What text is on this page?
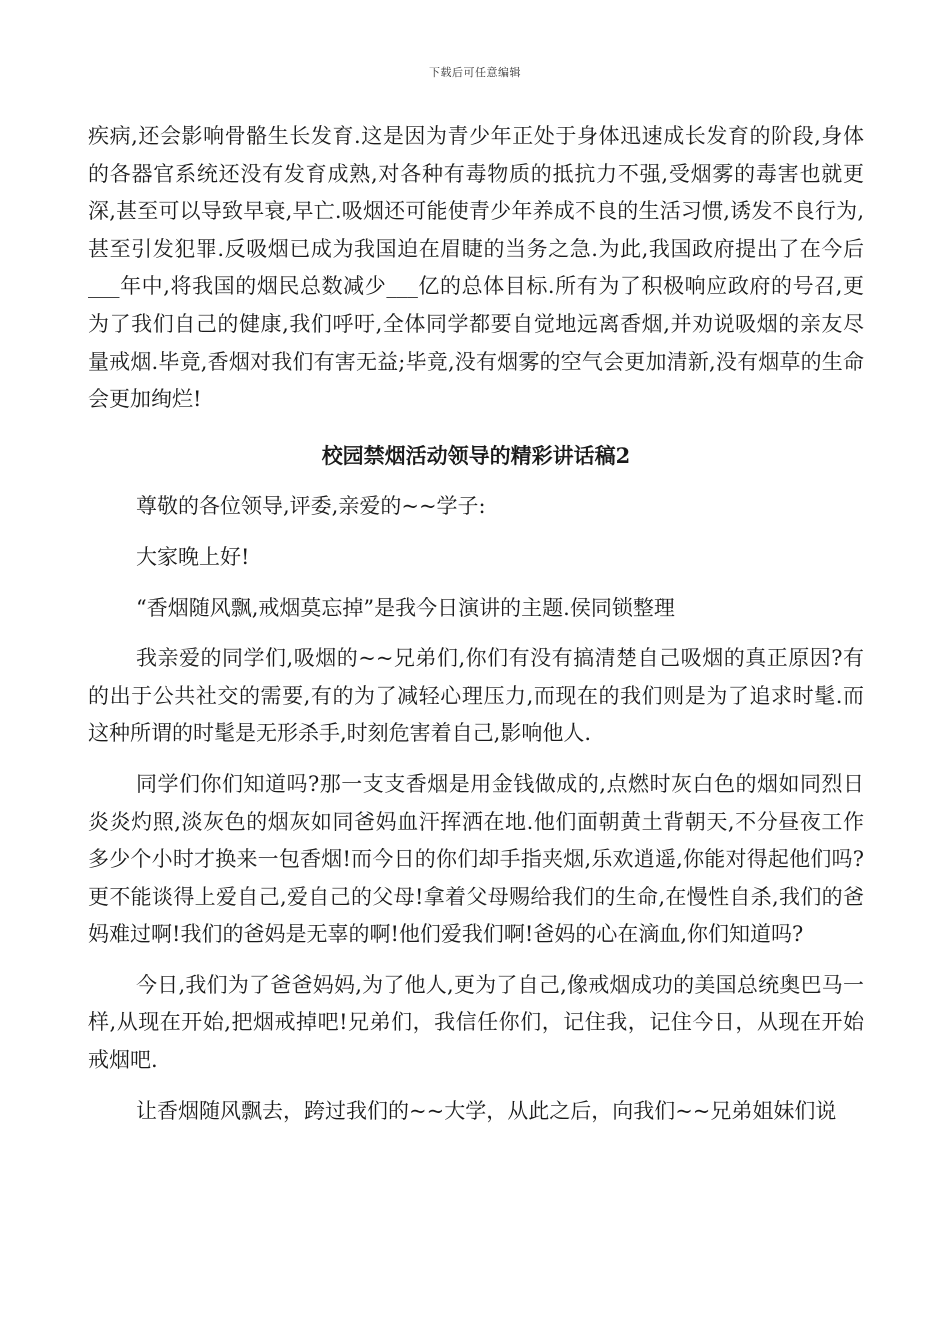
下载后可任意编辑

疾病,还会影响骨骼生长发育.这是因为青少年正处于身体迅速成长发育的阶段,身体的各器官系统还没有发育成熟,对各种有毒物质的抵抗力不强,受烟雾的毒害也就更深,甚至可以导致早衰,早亡.吸烟还可能使青少年养成不良的生活习惯,诱发不良行为,甚至引发犯罪.反吸烟已成为我国迫在眉睫的当务之急.为此,我国政府提出了在今后___年中,将我国的烟民总数减少___亿的总体目标.所有为了积极响应政府的号召,更为了我们自己的健康,我们呼吁,全体同学都要自觉地远离香烟,并劝说吸烟的亲友尽量戒烟.毕竟,香烟对我们有害无益;毕竟,没有烟雾的空气会更加清新,没有烟草的生命会更加绚烂!

校园禁烟活动领导的精彩讲话稿2

尊敬的各位领导,评委,亲爱的~~学子:

大家晚上好!

“香烟随风飘,戒烟莫忘掉”是我今日演讲的主题.侯同锁整理

我亲爱的同学们,吸烟的~~兄弟们,你们有没有搞清楚自己吸烟的真正原因?有的出于公共社交的需要,有的为了减轻心理压力,而现在的我们则是为了追求时髦.而这种所谓的时髦是无形杀手,时刻危害着自己,影响他人.

同学们你们知道吗?那一支支香烟是用金钱做成的,点燃时灰白色的烟如同烈日炎炎灼照,淡灰色的烟灰如同爸妈血汗挥洒在地.他们面朝黄土背朝天,不分昼夜工作多少个小时才换来一包香烟!而今日的你们却手指夹烟,乐欢逍遥,你能对得起他们吗?更不能谈得上爱自己,爱自己的父母!拿着父母赐给我们的生命,在慢性自杀,我们的爸妈难过啊!我们的爸妈是无辜的啊!他们爱我们啊!爸妈的心在滴血,你们知道吗?

今日,我们为了爸爸妈妈,为了他人,更为了自己,像戒烟成功的美国总统奥巴马一样,从现在开始,把烟戒掉吧!兄弟们，我信任你们，记住我，记住今日，从现在开始戒烟吧.

让香烟随风飘去，跨过我们的~~大学，从此之后，向我们~~兄弟姐妹们说
